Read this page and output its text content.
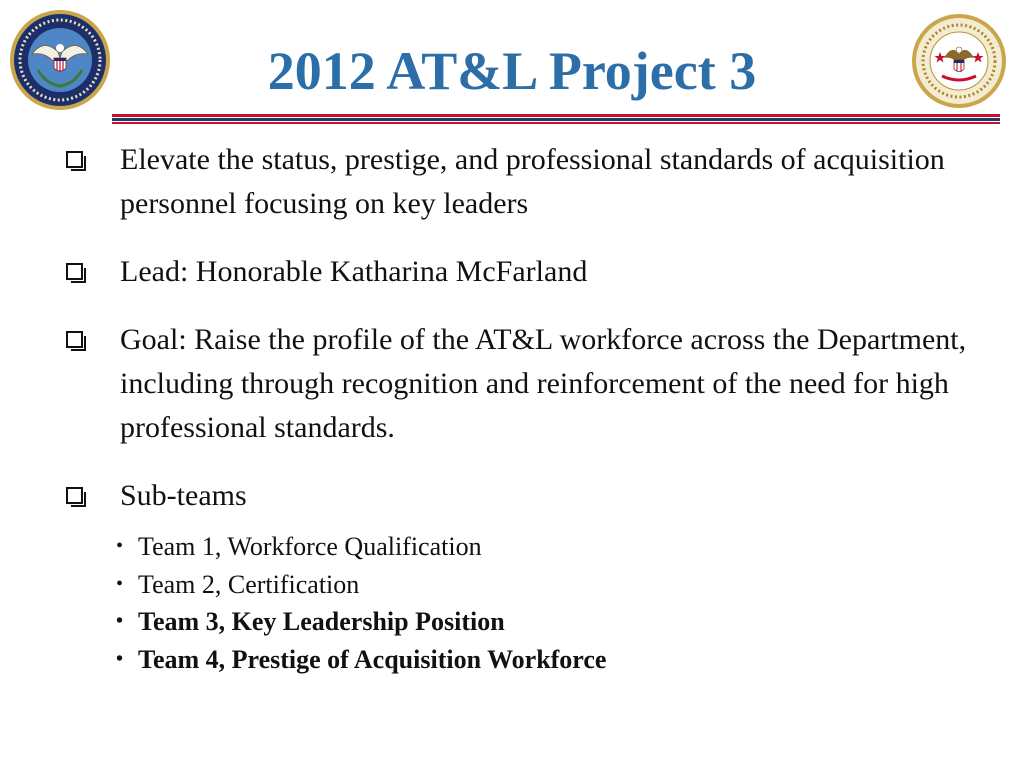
2012 AT&L Project 3
Elevate the status, prestige, and professional standards of acquisition personnel focusing on key leaders
Lead: Honorable Katharina McFarland
Goal: Raise the profile of the AT&L workforce across the Department, including through recognition and reinforcement of the need for high professional standards.
Sub-teams
• Team 1, Workforce Qualification
• Team 2, Certification
• Team 3, Key Leadership Position
• Team 4, Prestige of Acquisition Workforce
